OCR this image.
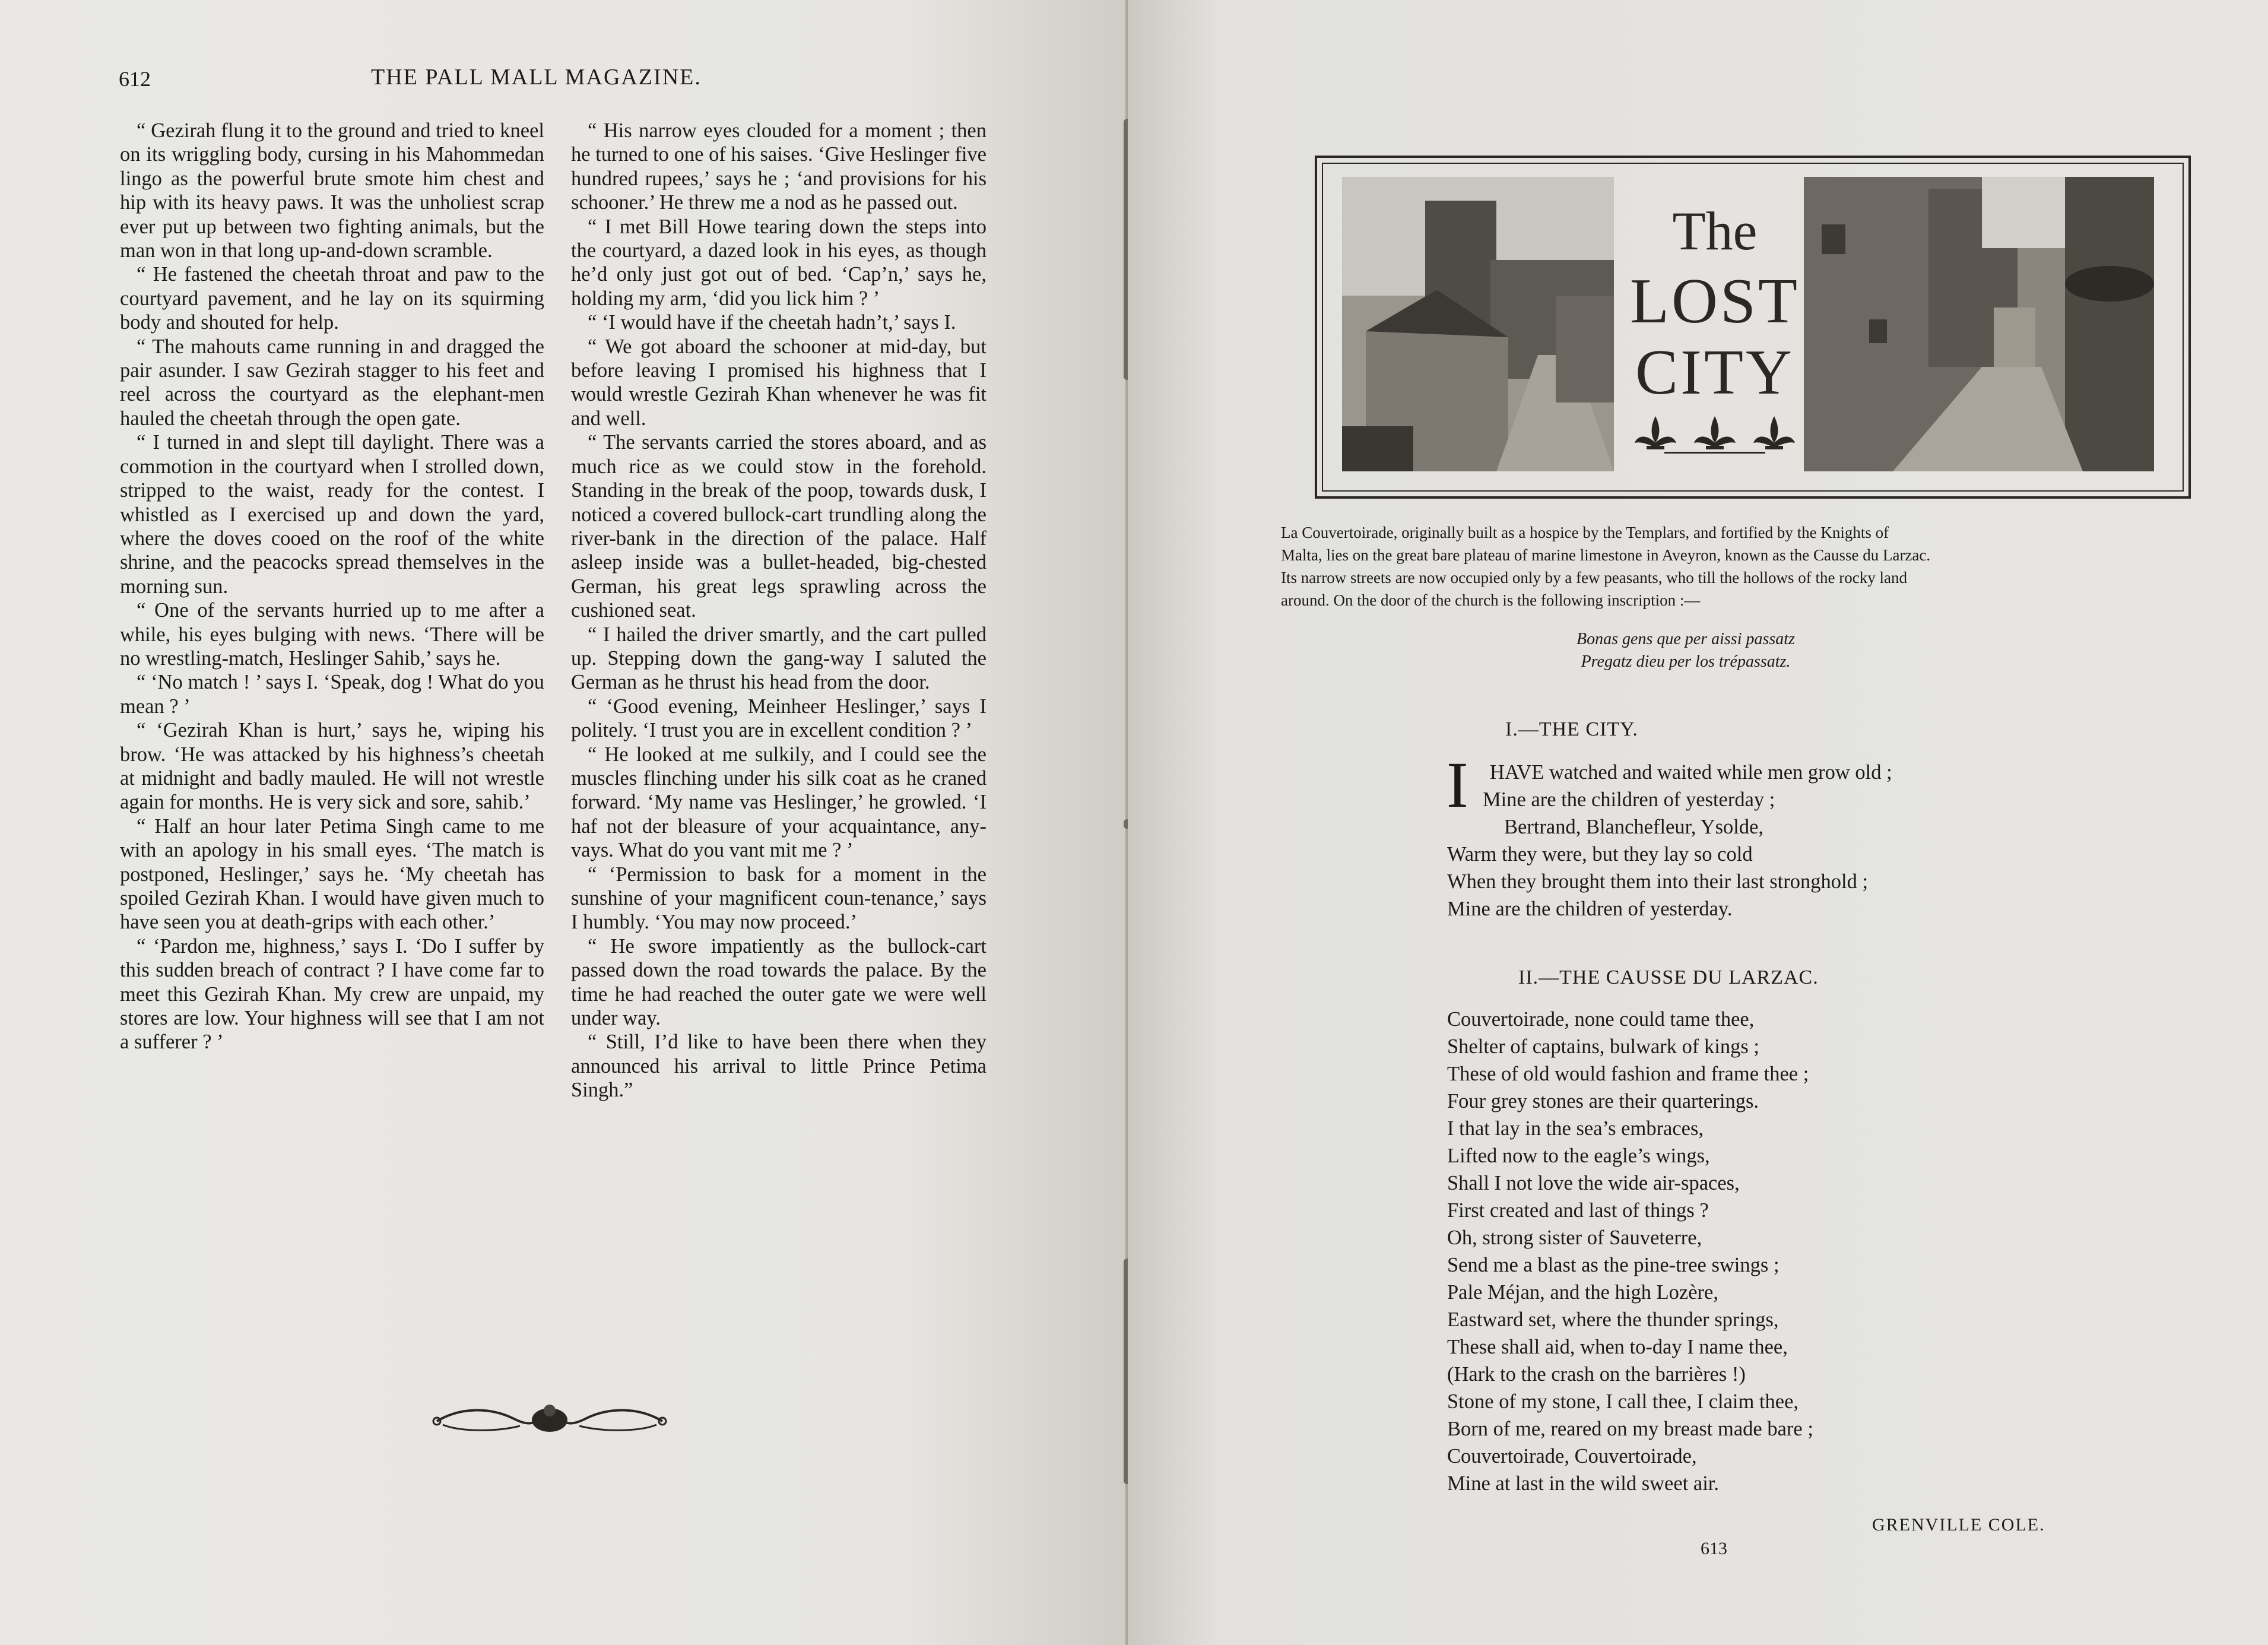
612	THE PALL MALL MAGAZINE.

“ Gezirah flung it to the ground and tried to kneel on its wriggling body, cursing in his Mahommedan lingo as the powerful brute smote him chest and hip with its heavy paws. It was the unholiest scrap ever put up between two fighting animals, but the man won in that long up-and-down scramble.

“ He fastened the cheetah throat and paw to the courtyard pavement, and he lay on its squirming body and shouted for help.

“ The mahouts came running in and dragged the pair asunder. I saw Gezirah stagger to his feet and reel across the courtyard as the elephant-men hauled the cheetah through the open gate.

“ I turned in and slept till daylight. There was a commotion in the courtyard when I strolled down, stripped to the waist, ready for the contest. I whistled as I exercised up and down the yard, where the doves cooed on the roof of the white shrine, and the peacocks spread themselves in the morning sun.

“ One of the servants hurried up to me after a while, his eyes bulging with news. ‘There will be no wrestling-match, Heslinger Sahib,’ says he.

“ ‘No match ! ’ says I. ‘Speak, dog ! What do you mean ? ’

“ ‘Gezirah Khan is hurt,’ says he, wiping his brow. ‘He was attacked by his highness’s cheetah at midnight and badly mauled. He will not wrestle again for months. He is very sick and sore, sahib.’

“ Half an hour later Petima Singh came to me with an apology in his small eyes. ‘The match is postponed, Heslinger,’ says he. ‘My cheetah has spoiled Gezirah Khan. I would have given much to have seen you at death-grips with each other.’

“ ‘Pardon me, highness,’ says I. ‘Do I suffer by this sudden breach of contract ? I have come far to meet this Gezirah Khan. My crew are unpaid, my stores are low. Your highness will see that I am not a sufferer ? ’

“ His narrow eyes clouded for a moment ; then he turned to one of his saises. ‘Give Heslinger five hundred rupees,’ says he ; ‘and provisions for his schooner.’ He threw me a nod as he passed out.

“ I met Bill Howe tearing down the steps into the courtyard, a dazed look in his eyes, as though he’d only just got out of bed. ‘Cap’n,’ says he, holding my arm, ‘did you lick him ? ’

“ ‘I would have if the cheetah hadn’t,’ says I.

“ We got aboard the schooner at mid-day, but before leaving I promised his highness that I would wrestle Gezirah Khan whenever he was fit and well.

“ The servants carried the stores aboard, and as much rice as we could stow in the forehold. Standing in the break of the poop, towards dusk, I noticed a covered bullock-cart trundling along the river-bank in the direction of the palace. Half asleep inside was a bullet-headed, big-chested German, his great legs sprawling across the cushioned seat.

“ I hailed the driver smartly, and the cart pulled up. Stepping down the gang-way I saluted the German as he thrust his head from the door.

“ ‘Good evening, Meinheer Heslinger,’ says I politely. ‘I trust you are in excellent condition ? ’

“ He looked at me sulkily, and I could see the muscles flinching under his silk coat as he craned forward. ‘My name vas Heslinger,’ he growled. ‘I haf not der bleasure of your acquaintance, any-vays. What do you vant mit me ? ’

“ ‘Permission to bask for a moment in the sunshine of your magnificent coun-tenance,’ says I humbly. ‘You may now proceed.’

“ He swore impatiently as the bullock-cart passed down the road towards the palace. By the time he had reached the outer gate we were well under way.

“ Still, I’d like to have been there when they announced his arrival to little Prince Petima Singh.”

The
LOST
CITY
La Couvertoirade, originally built as a hospice by the Templars, and fortified by the Knights of
Malta, lies on the great bare plateau of marine limestone in Aveyron, known as the Causse du Larzac.
Its narrow streets are now occupied only by a few peasants, who till the hollows of the rocky land
around. On the door of the church is the following inscription :—
Bonas gens que per aissi passatz
Pregatz dieu per los trépassatz.
I.—THE CITY.
I	HAVE watched and waited while men grow old ;
Mine are the children of yesterday ;
Bertrand, Blanchefleur, Ysolde,
Warm they were, but they lay so cold
When they brought them into their last stronghold ;
Mine are the children of yesterday.
II.—THE CAUSSE DU LARZAC.
Couvertoirade, none could tame thee,
Shelter of captains, bulwark of kings ;
These of old would fashion and frame thee ;
Four grey stones are their quarterings.
I that lay in the sea’s embraces,
Lifted now to the eagle’s wings,
Shall I not love the wide air-spaces,
First created and last of things ?
Oh, strong sister of Sauveterre,
Send me a blast as the pine-tree swings ;
Pale Méjan, and the high Lozère,
Eastward set, where the thunder springs,
These shall aid, when to-day I name thee,
(Hark to the crash on the barrières !)
Stone of my stone, I call thee, I claim thee,
Born of me, reared on my breast made bare ;
Couvertoirade, Couvertoirade,
Mine at last in the wild sweet air.
GRENVILLE COLE.
613
